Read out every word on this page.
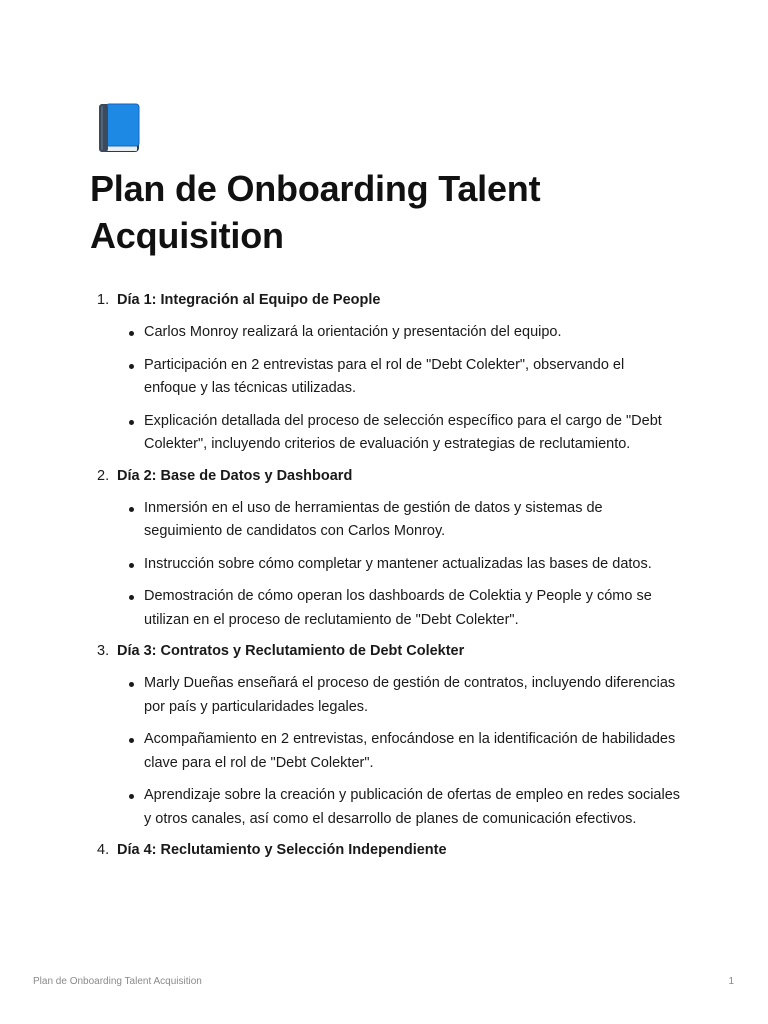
Plan de Onboarding Talent Acquisition
1. Día 1: Integración al Equipo de People
Carlos Monroy realizará la orientación y presentación del equipo.
Participación en 2 entrevistas para el rol de "Debt Colekter", observando el enfoque y las técnicas utilizadas.
Explicación detallada del proceso de selección específico para el cargo de "Debt Colekter", incluyendo criterios de evaluación y estrategias de reclutamiento.
2. Día 2: Base de Datos y Dashboard
Inmersión en el uso de herramientas de gestión de datos y sistemas de seguimiento de candidatos con Carlos Monroy.
Instrucción sobre cómo completar y mantener actualizadas las bases de datos.
Demostración de cómo operan los dashboards de Colektia y People y cómo se utilizan en el proceso de reclutamiento de "Debt Colekter".
3. Día 3: Contratos y Reclutamiento de Debt Colekter
Marly Dueñas enseñará el proceso de gestión de contratos, incluyendo diferencias por país y particularidades legales.
Acompañamiento en 2 entrevistas, enfocándose en la identificación de habilidades clave para el rol de "Debt Colekter".
Aprendizaje sobre la creación y publicación de ofertas de empleo en redes sociales y otros canales, así como el desarrollo de planes de comunicación efectivos.
4. Día 4: Reclutamiento y Selección Independiente
Plan de Onboarding Talent Acquisition	1
